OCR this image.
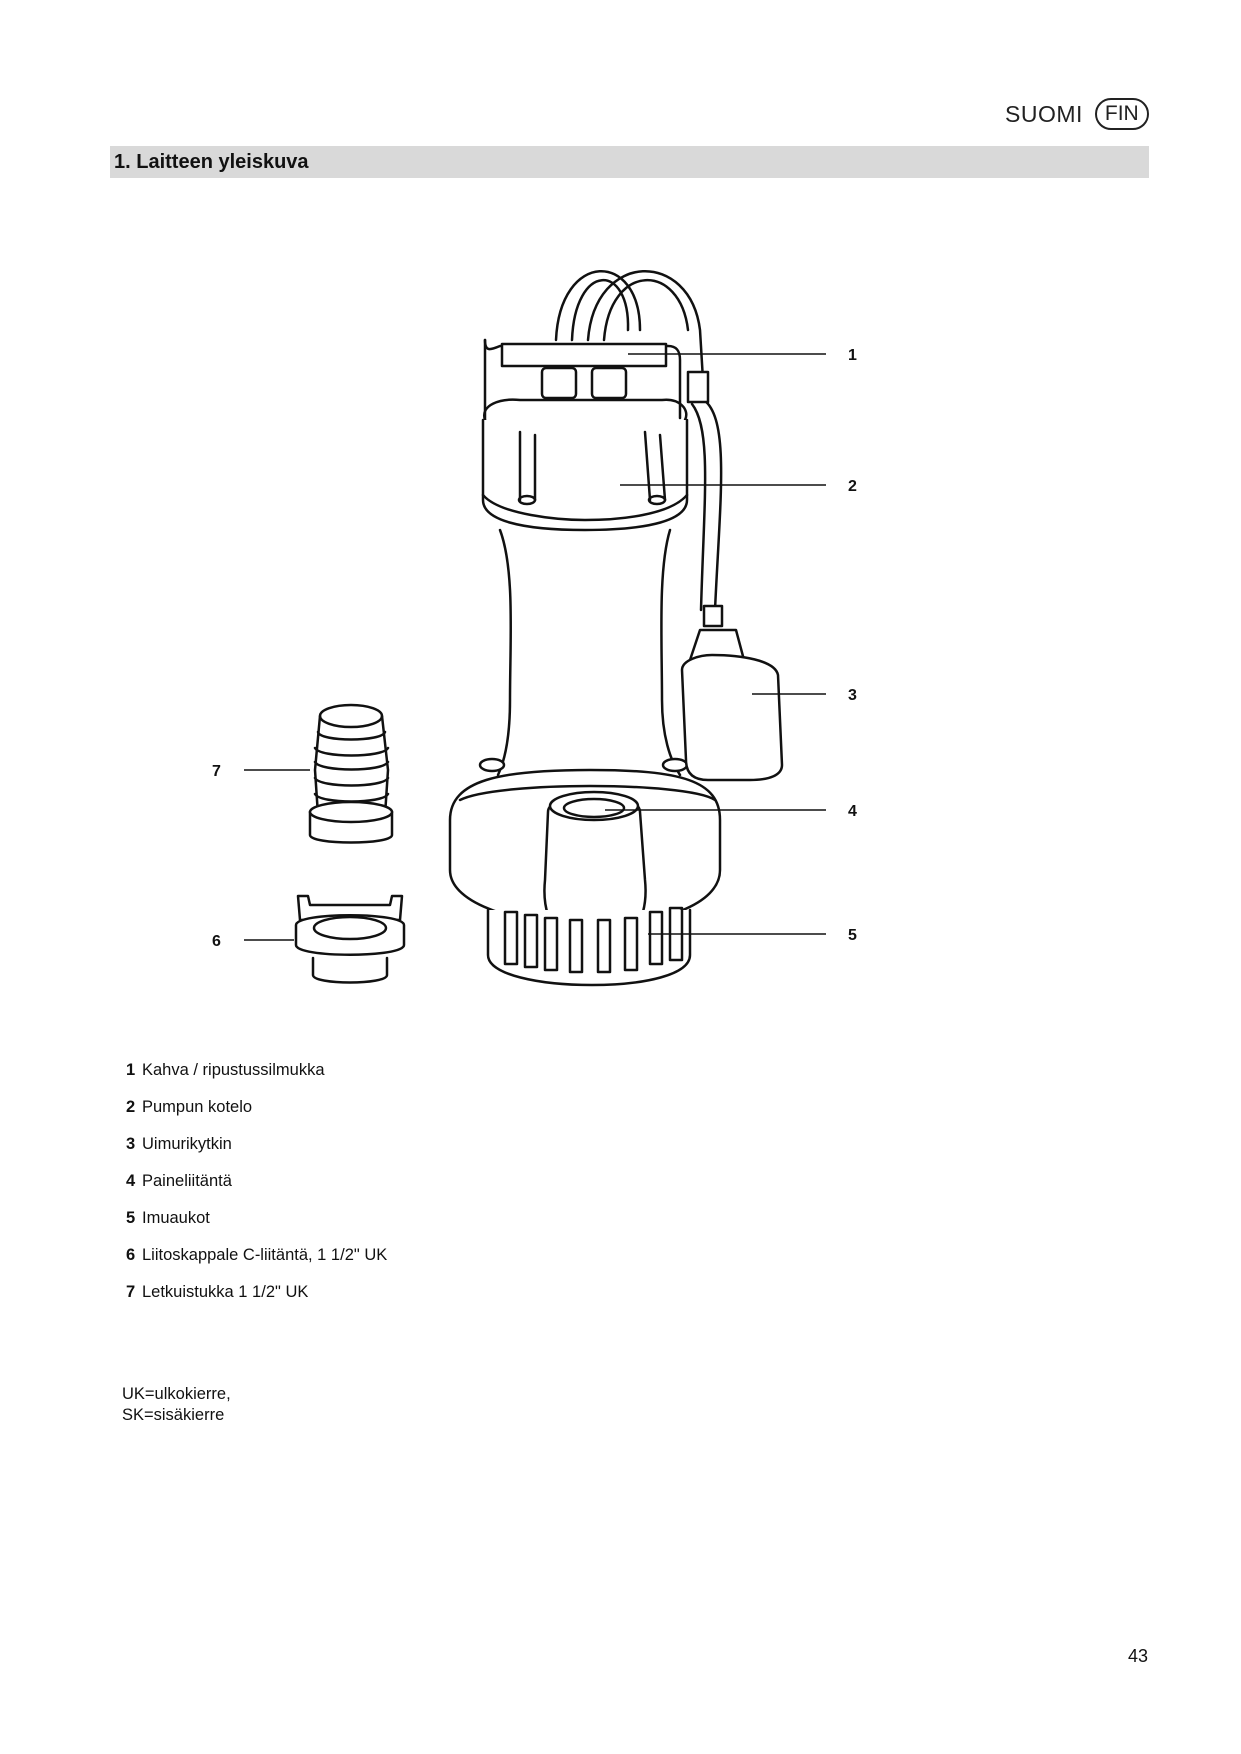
SUOMI	FIN
1. Laitteen yleiskuva
1
2
3
4
5
6
7
1 Kahva / ripustussilmukka
2 Pumpun kotelo
3 Uimurikytkin
4 Paineliitäntä
5 Imuaukot
6 Liitoskappale C-liitäntä, 1 1/2" UK
7 Letkuistukka 1 1/2" UK
UK=ulkokierre,
SK=sisäkierre
43
